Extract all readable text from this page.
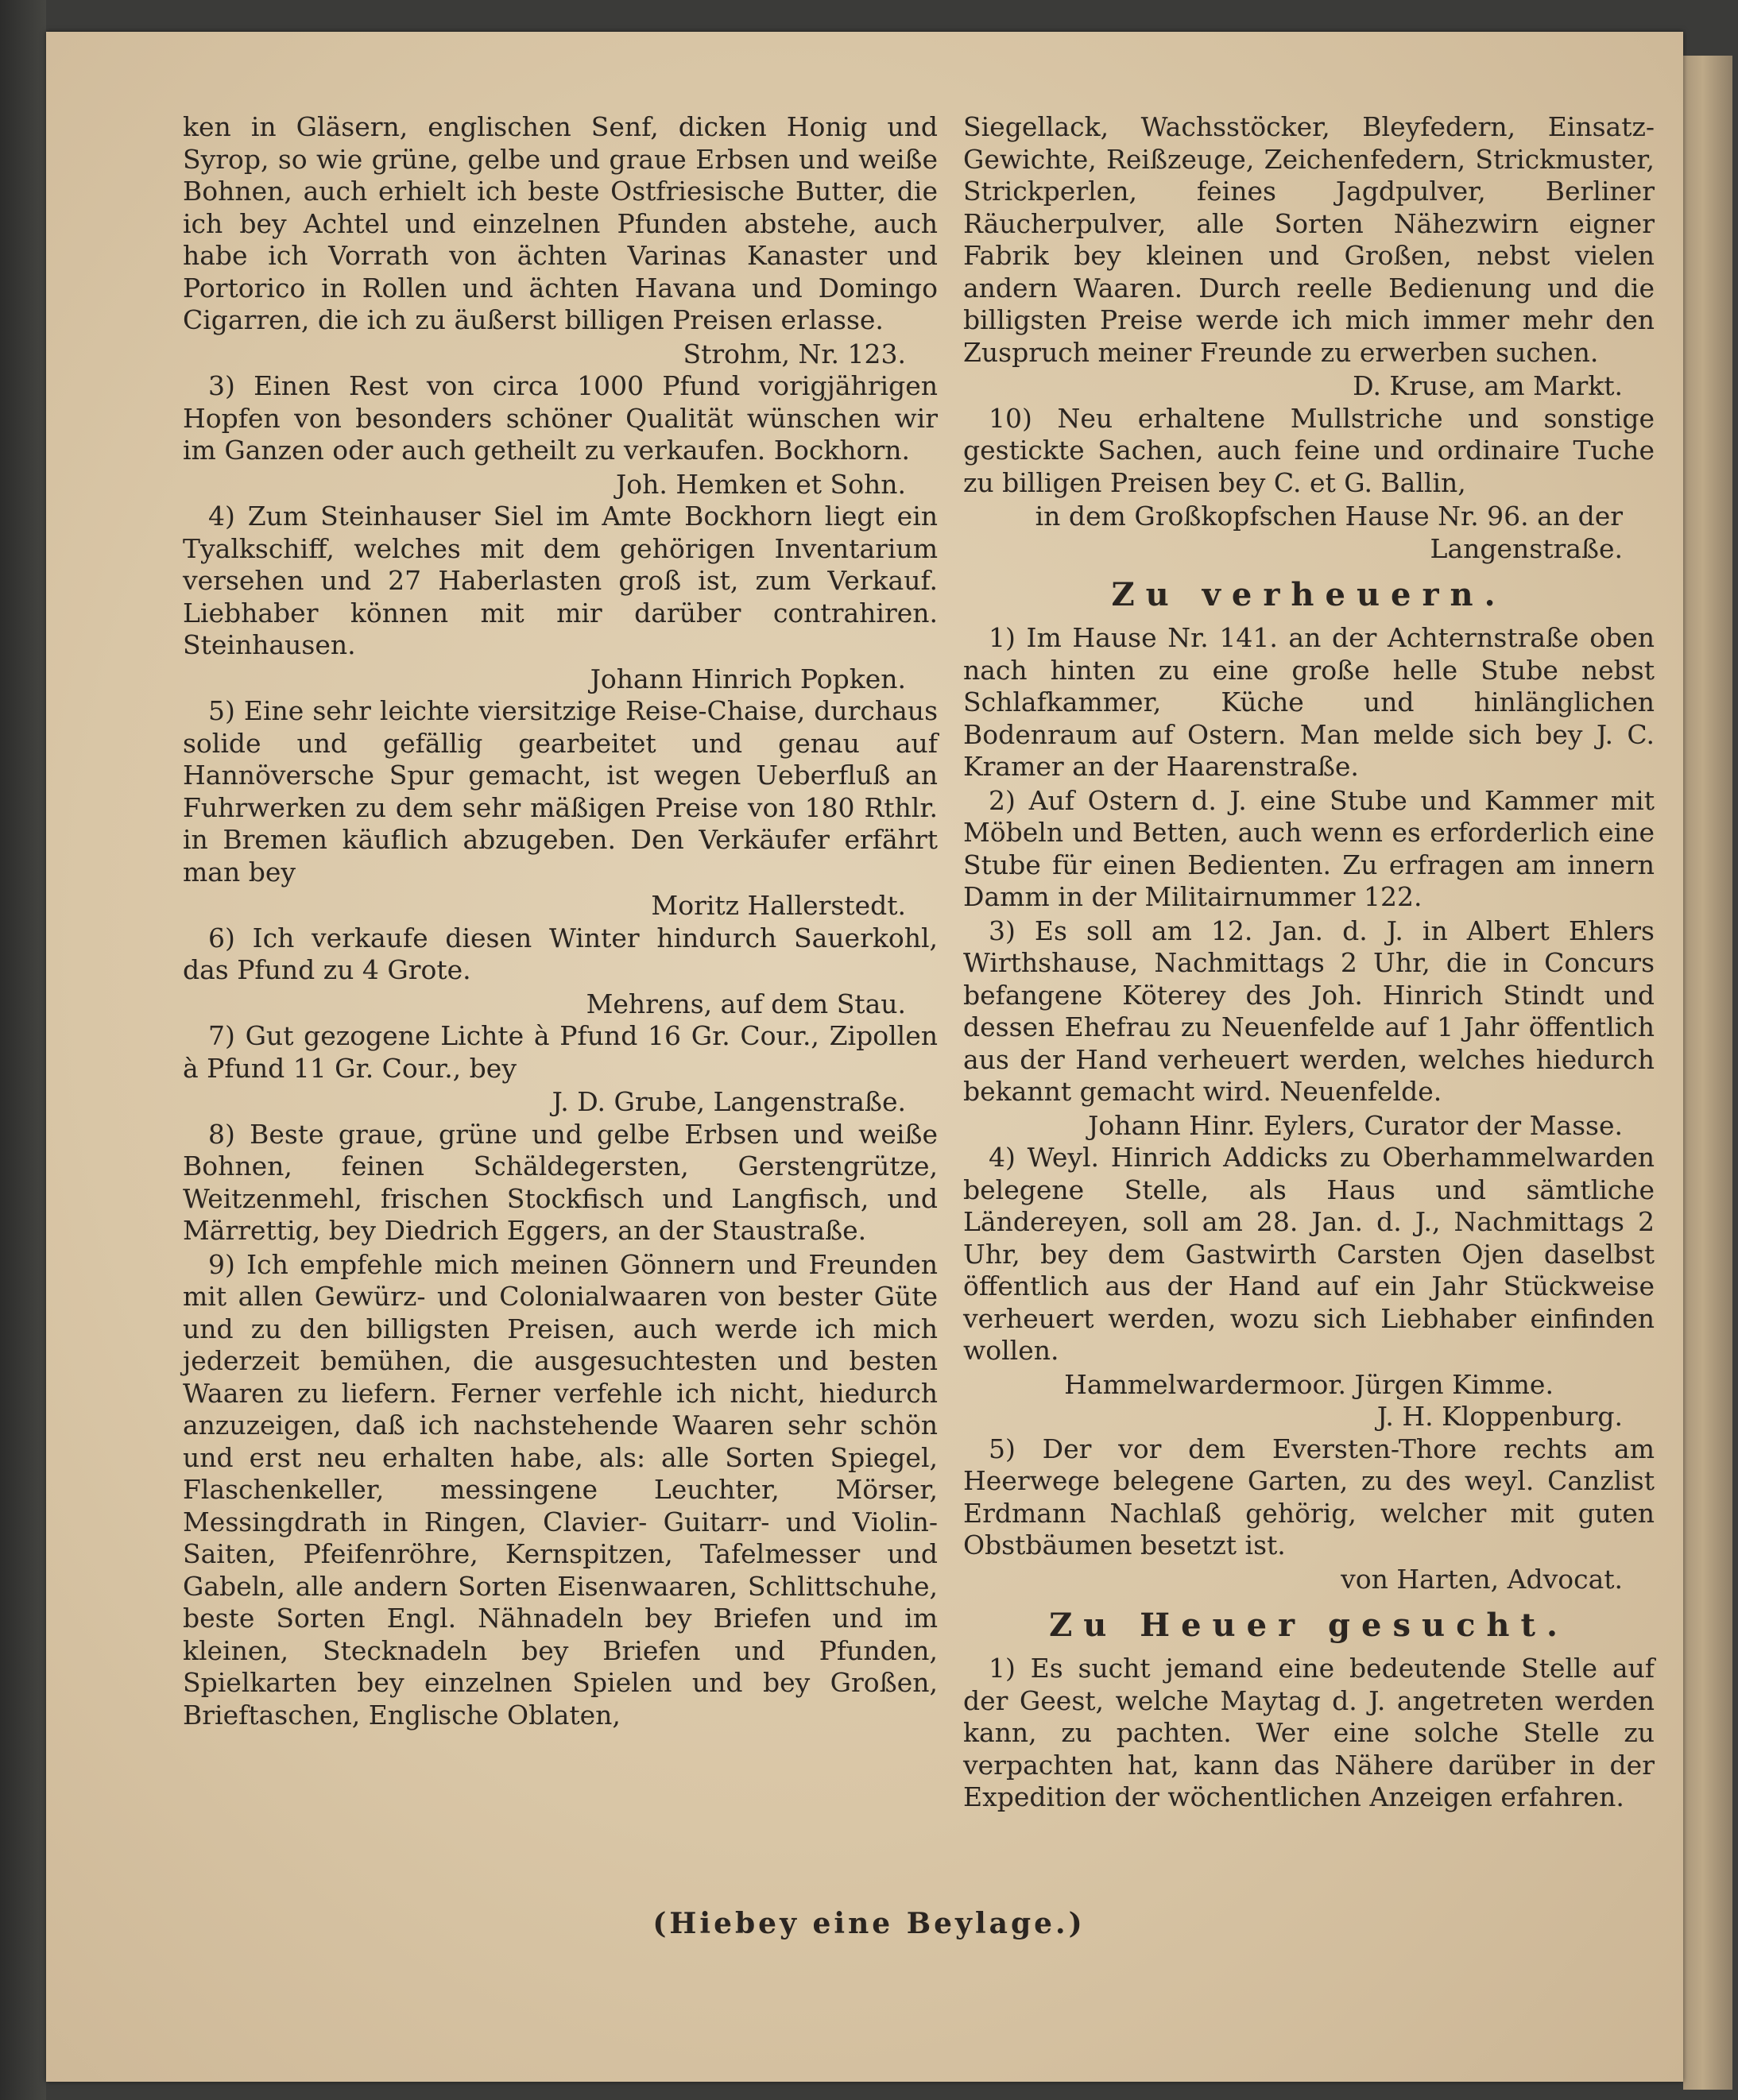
ken in Gläsern, englischen Senf, dicken Honig und Syrop, so wie grüne, gelbe und graue Erbsen und weiße Bohnen, auch erhielt ich beste Ostfriesische Butter, die ich bey Achtel und einzelnen Pfunden abstehe, auch habe ich Vorrath von ächten Varinas Kanaster und Portorico in Rollen und ächten Havana und Domingo Cigarren, die ich zu äußerst billigen Preisen erlasse.

Strohm, Nr. 123.

3) Einen Rest von circa 1000 Pfund vorigjährigen Hopfen von besonders schöner Qualität wünschen wir im Ganzen oder auch getheilt zu verkaufen. Bockhorn.

Joh. Hemken et Sohn.

4) Zum Steinhauser Siel im Amte Bockhorn liegt ein Tyalkschiff, welches mit dem gehörigen Inventarium versehen und 27 Haberlasten groß ist, zum Verkauf. Liebhaber können mit mir darüber contrahiren. Steinhausen.

Johann Hinrich Popken.

5) Eine sehr leichte viersitzige Reise-Chaise, durchaus solide und gefällig gearbeitet und genau auf Hannöversche Spur gemacht, ist wegen Ueberfluß an Fuhrwerken zu dem sehr mäßigen Preise von 180 Rthlr. in Bremen käuflich abzugeben. Den Verkäufer erfährt man bey

Moritz Hallerstedt.

6) Ich verkaufe diesen Winter hindurch Sauerkohl, das Pfund zu 4 Grote.

Mehrens, auf dem Stau.

7) Gut gezogene Lichte à Pfund 16 Gr. Cour., Zipollen à Pfund 11 Gr. Cour., bey

J. D. Grube, Langenstraße.

8) Beste graue, grüne und gelbe Erbsen und weiße Bohnen, feinen Schäldegersten, Gerstengrütze, Weitzenmehl, frischen Stockfisch und Langfisch, und Märrettig, bey Diedrich Eggers, an der Staustraße.

9) Ich empfehle mich meinen Gönnern und Freunden mit allen Gewürz- und Colonialwaaren von bester Güte und zu den billigsten Preisen, auch werde ich mich jederzeit bemühen, die ausgesuchtesten und besten Waaren zu liefern. Ferner verfehle ich nicht, hiedurch anzuzeigen, daß ich nachstehende Waaren sehr schön und erst neu erhalten habe, als: alle Sorten Spiegel, Flaschenkeller, messingene Leuchter, Mörser, Messingdrath in Ringen, Clavier- Guitarr- und Violin-Saiten, Pfeifenröhre, Kernspitzen, Tafelmesser und Gabeln, alle andern Sorten Eisenwaaren, Schlittschuhe, beste Sorten Engl. Nähnadeln bey Briefen und im kleinen, Stecknadeln bey Briefen und Pfunden, Spielkarten bey einzelnen Spielen und bey Großen, Brieftaschen, Englische Oblaten,

Siegellack, Wachsstöcker, Bleyfedern, Einsatz-Gewichte, Reißzeuge, Zeichenfedern, Strickmuster, Strickperlen, feines Jagdpulver, Berliner Räucherpulver, alle Sorten Nähezwirn eigner Fabrik bey kleinen und Großen, nebst vielen andern Waaren. Durch reelle Bedienung und die billigsten Preise werde ich mich immer mehr den Zuspruch meiner Freunde zu erwerben suchen.

D. Kruse, am Markt.

10) Neu erhaltene Mullstriche und sonstige gestickte Sachen, auch feine und ordinaire Tuche zu billigen Preisen bey C. et G. Ballin,

in dem Großkopfschen Hause Nr. 96. an der Langenstraße.
Zu verheuern.

1) Im Hause Nr. 141. an der Achternstraße oben nach hinten zu eine große helle Stube nebst Schlafkammer, Küche und hinlänglichen Bodenraum auf Ostern. Man melde sich bey J. C. Kramer an der Haarenstraße.

2) Auf Ostern d. J. eine Stube und Kammer mit Möbeln und Betten, auch wenn es erforderlich eine Stube für einen Bedienten. Zu erfragen am innern Damm in der Militairnummer 122.

3) Es soll am 12. Jan. d. J. in Albert Ehlers Wirthshause, Nachmittags 2 Uhr, die in Concurs befangene Köterey des Joh. Hinrich Stindt und dessen Ehefrau zu Neuenfelde auf 1 Jahr öffentlich aus der Hand verheuert werden, welches hiedurch bekannt gemacht wird. Neuenfelde.

Johann Hinr. Eylers, Curator der Masse.

4) Weyl. Hinrich Addicks zu Oberhammelwarden belegene Stelle, als Haus und sämtliche Ländereyen, soll am 28. Jan. d. J., Nachmittags 2 Uhr, bey dem Gastwirth Carsten Ojen daselbst öffentlich aus der Hand auf ein Jahr Stückweise verheuert werden, wozu sich Liebhaber einfinden wollen.

Hammelwardermoor. Jürgen Kimme.
J. H. Kloppenburg.

5) Der vor dem Eversten-Thore rechts am Heerwege belegene Garten, zu des weyl. Canzlist Erdmann Nachlaß gehörig, welcher mit guten Obstbäumen besetzt ist.

von Harten, Advocat.
Zu Heuer gesucht.

1) Es sucht jemand eine bedeutende Stelle auf der Geest, welche Maytag d. J. angetreten werden kann, zu pachten. Wer eine solche Stelle zu verpachten hat, kann das Nähere darüber in der Expedition der wöchentlichen Anzeigen erfahren.

(Hiebey eine Beylage.)
